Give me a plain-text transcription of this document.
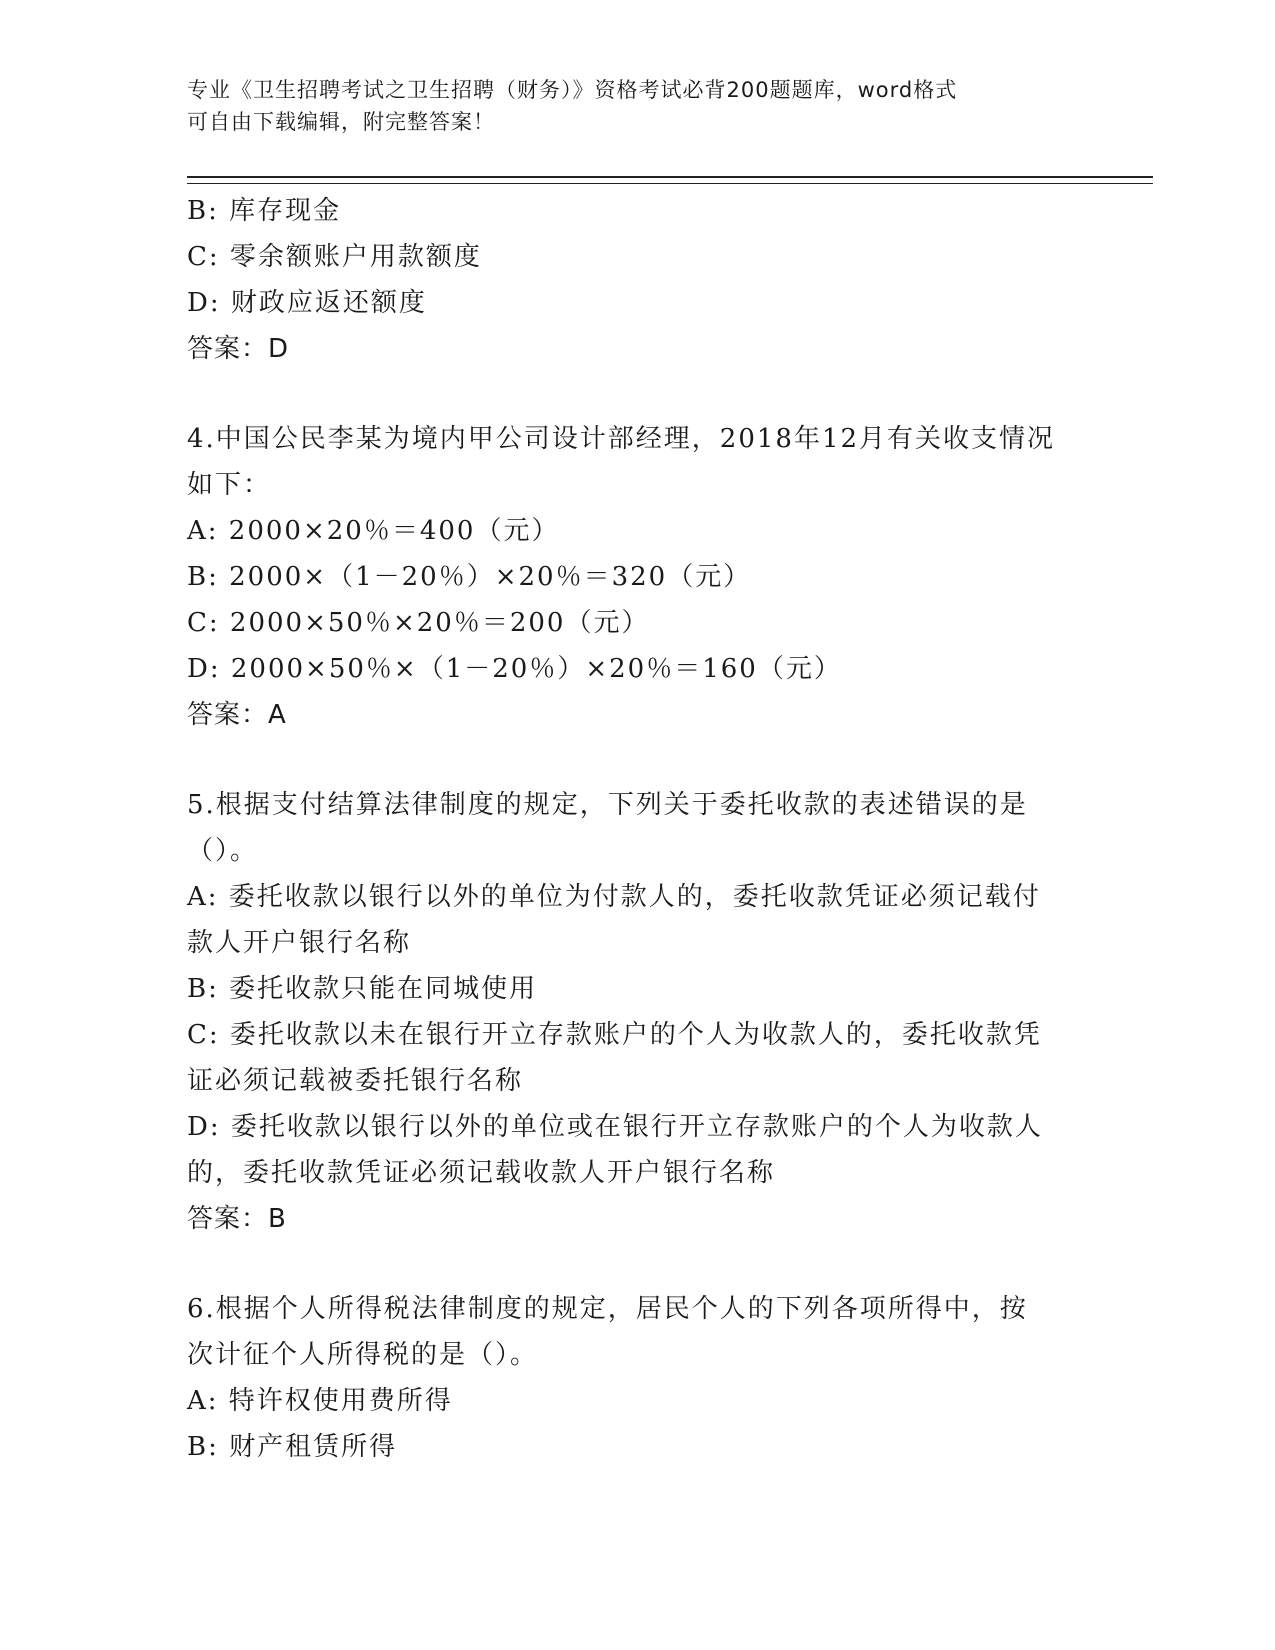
专业《卫生招聘考试之卫生招聘（财务）》资格考试必背200题题库，word格式
可自由下载编辑，附完整答案！
B: 库存现金
C: 零余额账户用款额度
D: 财政应返还额度
答案：D
4.中国公民李某为境内甲公司设计部经理，2018年12月有关收支情况
如下：
A: 2000×20％＝400（元）
B: 2000×（1－20％）×20％＝320（元）
C: 2000×50％×20％＝200（元）
D: 2000×50％×（1－20％）×20％＝160（元）
答案：A
5.根据支付结算法律制度的规定，下列关于委托收款的表述错误的是
（）。
A: 委托收款以银行以外的单位为付款人的，委托收款凭证必须记载付
款人开户银行名称
B: 委托收款只能在同城使用
C: 委托收款以未在银行开立存款账户的个人为收款人的，委托收款凭
证必须记载被委托银行名称
D: 委托收款以银行以外的单位或在银行开立存款账户的个人为收款人
的，委托收款凭证必须记载收款人开户银行名称
答案：B
6.根据个人所得税法律制度的规定，居民个人的下列各项所得中，按
次计征个人所得税的是（）。
A: 特许权使用费所得
B: 财产租赁所得
